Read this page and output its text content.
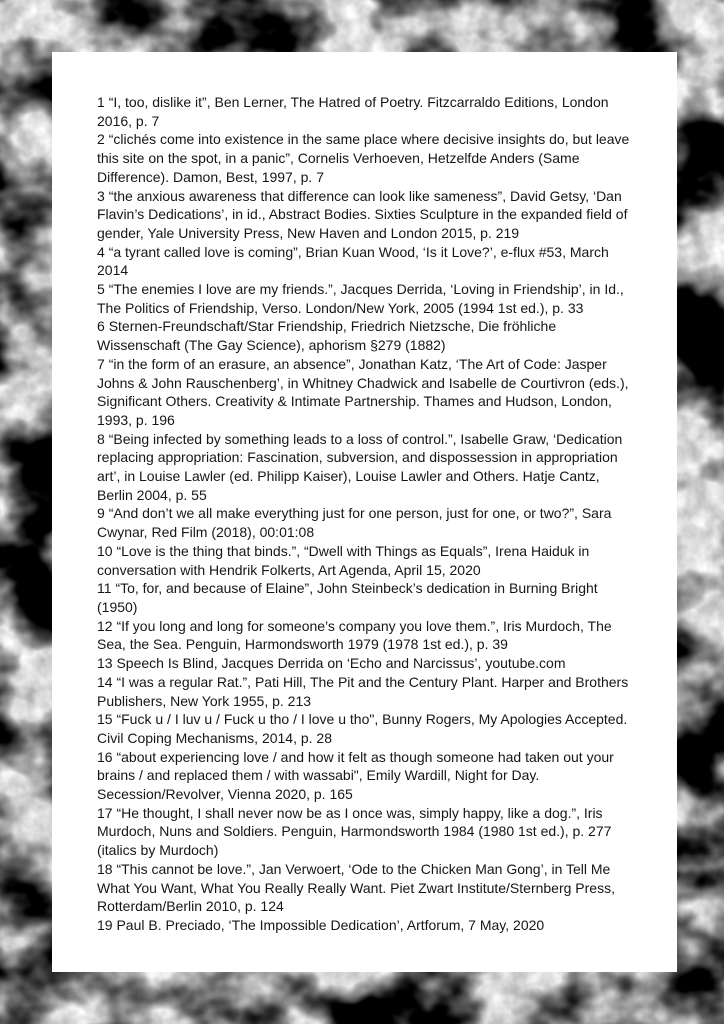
1 “I, too, dislike it”, Ben Lerner, The Hatred of Poetry. Fitzcarraldo Editions, London 2016, p. 7

2 “clichés come into existence in the same place where decisive insights do, but leave this site on the spot, in a panic”, Cornelis Verhoeven, Hetzelfde Anders (Same Difference). Damon, Best, 1997, p. 7

3 “the anxious awareness that difference can look like sameness”, David Getsy, ‘Dan Flavin’s Dedications’, in id., Abstract Bodies. Sixties Sculpture in the expanded field of gender, Yale University Press, New Haven and London 2015, p. 219

4 “a tyrant called love is coming”, Brian Kuan Wood, ‘Is it Love?’, e-flux #53, March 2014

5 “The enemies I love are my friends.”, Jacques Derrida, ‘Loving in Friendship’, in Id., The Politics of Friendship, Verso. London/New York, 2005 (1994 1st ed.), p. 33

6 Sternen-Freundschaft/Star Friendship, Friedrich Nietzsche, Die fröhliche Wissenschaft (The Gay Science), aphorism §279 (1882)

7 “in the form of an erasure, an absence”, Jonathan Katz, ‘The Art of Code: Jasper Johns & John Rauschenberg’, in Whitney Chadwick and Isabelle de Courtivron (eds.), Significant Others. Creativity & Intimate Partnership. Thames and Hudson, London, 1993, p. 196

8 “Being infected by something leads to a loss of control.”, Isabelle Graw, ‘Dedication replacing appropriation: Fascination, subversion, and dispossession in appropriation art’, in Louise Lawler (ed. Philipp Kaiser), Louise Lawler and Others. Hatje Cantz, Berlin 2004, p. 55

9 “And don’t we all make everything just for one person, just for one, or two?”, Sara Cwynar, Red Film (2018), 00:01:08

10 “Love is the thing that binds.”, “Dwell with Things as Equals”, Irena Haiduk in conversation with Hendrik Folkerts, Art Agenda, April 15, 2020

11 “To, for, and because of Elaine”, John Steinbeck’s dedication in Burning Bright (1950)

12 “If you long and long for someone’s company you love them.”, Iris Murdoch, The Sea, the Sea. Penguin, Harmondsworth 1979 (1978 1st ed.), p. 39

13 Speech Is Blind, Jacques Derrida on ‘Echo and Narcissus’, youtube.com

14 “I was a regular Rat.”, Pati Hill, The Pit and the Century Plant. Harper and Brothers Publishers, New York 1955, p. 213

15 “Fuck u / I luv u / Fuck u tho / I love u tho", Bunny Rogers, My Apologies Accepted. Civil Coping Mechanisms, 2014, p. 28

16 “about experiencing love / and how it felt as though someone had taken out your brains / and replaced them / with wassabi", Emily Wardill, Night for Day. Secession/Revolver, Vienna 2020, p. 165

17 “He thought, I shall never now be as I once was, simply happy, like a dog.”, Iris Murdoch, Nuns and Soldiers. Penguin, Harmondsworth 1984 (1980 1st ed.), p. 277 (italics by Murdoch)

18 “This cannot be love.”, Jan Verwoert, ‘Ode to the Chicken Man Gong’, in Tell Me What You Want, What You Really Really Want. Piet Zwart Institute/Sternberg Press, Rotterdam/Berlin 2010, p. 124

19 Paul B. Preciado, ‘The Impossible Dedication’, Artforum, 7 May, 2020
